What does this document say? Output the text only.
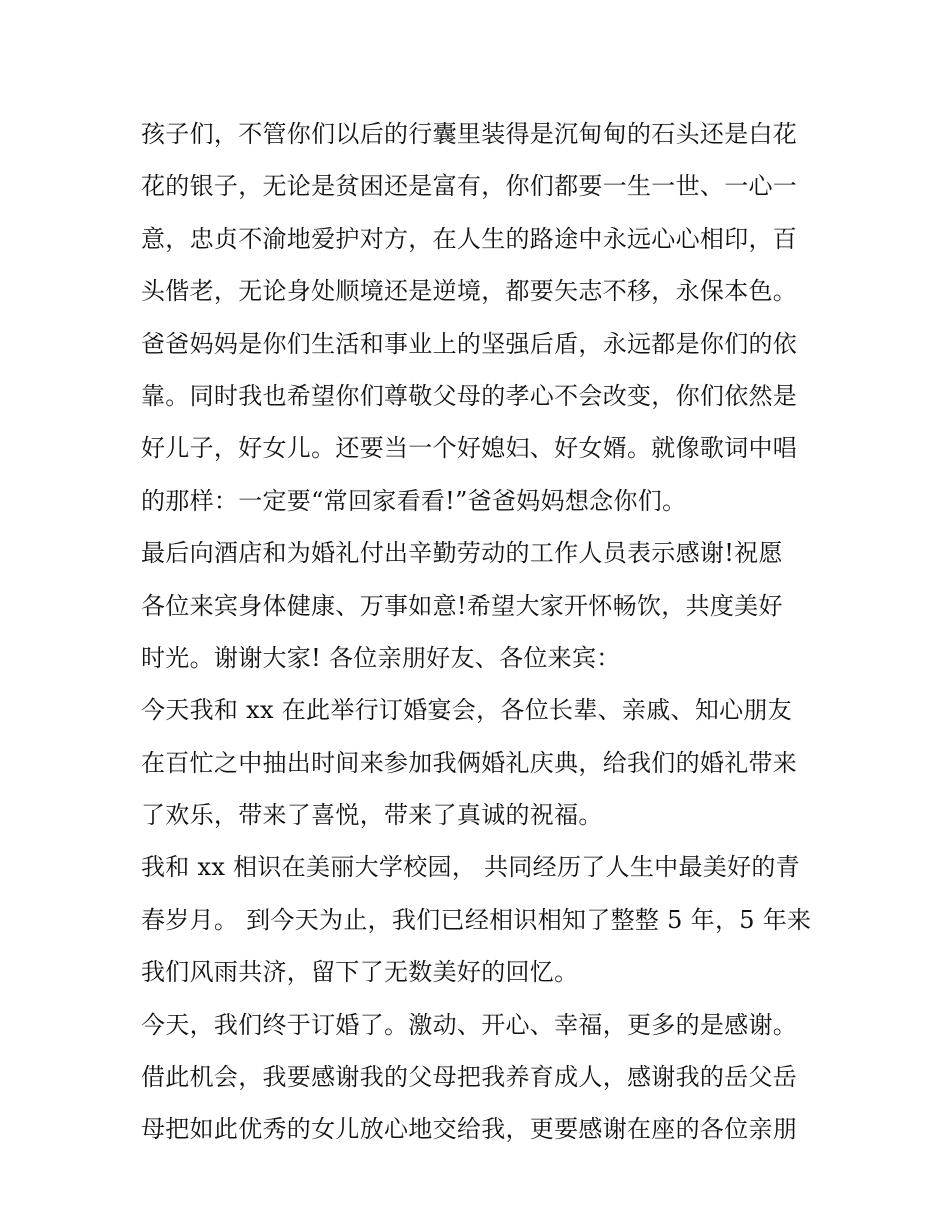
孩子们，不管你们以后的行囊里装得是沉甸甸的石头还是白花
花的银子，无论是贫困还是富有，你们都要一生一世、一心一
意，忠贞不渝地爱护对方，在人生的路途中永远心心相印，百
头偕老，无论身处顺境还是逆境，都要矢志不移，永保本色。
爸爸妈妈是你们生活和事业上的坚强后盾，永远都是你们的依
靠。同时我也希望你们尊敬父母的孝心不会改变，你们依然是
好儿子，好女儿。还要当一个好媳妇、好女婿。就像歌词中唱
的那样：一定要“常回家看看!”爸爸妈妈想念你们。
最后向酒店和为婚礼付出辛勤劳动的工作人员表示感谢!祝愿
各位来宾身体健康、万事如意!希望大家开怀畅饮，共度美好
时光。谢谢大家! 各位亲朋好友、各位来宾：
今天我和 xx 在此举行订婚宴会，各位长辈、亲戚、知心朋友
在百忙之中抽出时间来参加我俩婚礼庆典，给我们的婚礼带来
了欢乐，带来了喜悦，带来了真诚的祝福。
我和 xx 相识在美丽大学校园， 共同经历了人生中最美好的青
春岁月。 到今天为止，我们已经相识相知了整整 5 年，5 年来
我们风雨共济，留下了无数美好的回忆。
今天，我们终于订婚了。激动、开心、幸福，更多的是感谢。
借此机会，我要感谢我的父母把我养育成人，感谢我的岳父岳
母把如此优秀的女儿放心地交给我，更要感谢在座的各位亲朋
